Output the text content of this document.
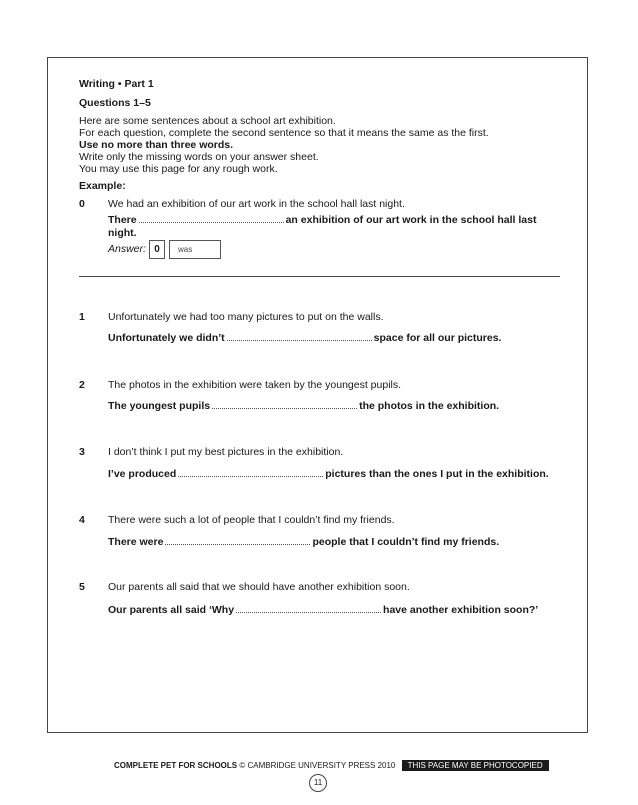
Writing • Part 1
Questions 1–5
Here are some sentences about a school art exhibition.
For each question, complete the second sentence so that it means the same as the first.
Use no more than three words.
Write only the missing words on your answer sheet.
You may use this page for any rough work.
Example:
0 We had an exhibition of our art work in the school hall last night.
There	an exhibition of our art work in the school hall last
night.
Answer: 0	was
1 Unfortunately we had too many pictures to put on the walls.
Unfortunately we didn’t	space for all our pictures.
2 The photos in the exhibition were taken by the youngest pupils.
The youngest pupils	the photos in the exhibition.
3 I don’t think I put my best pictures in the exhibition.
I’ve produced	pictures than the ones I put in the exhibition.
4 There were such a lot of people that I couldn’t find my friends.
There were	people that I couldn’t find my friends.
5 Our parents all said that we should have another exhibition soon.
Our parents all said ‘Why	have another exhibition soon?’
COMPLETE PET FOR SCHOOLS © CAMBRIDGE UNIVERSITY PRESS 2010 THIS PAGE MAY BE PHOTOCOPIED
11
